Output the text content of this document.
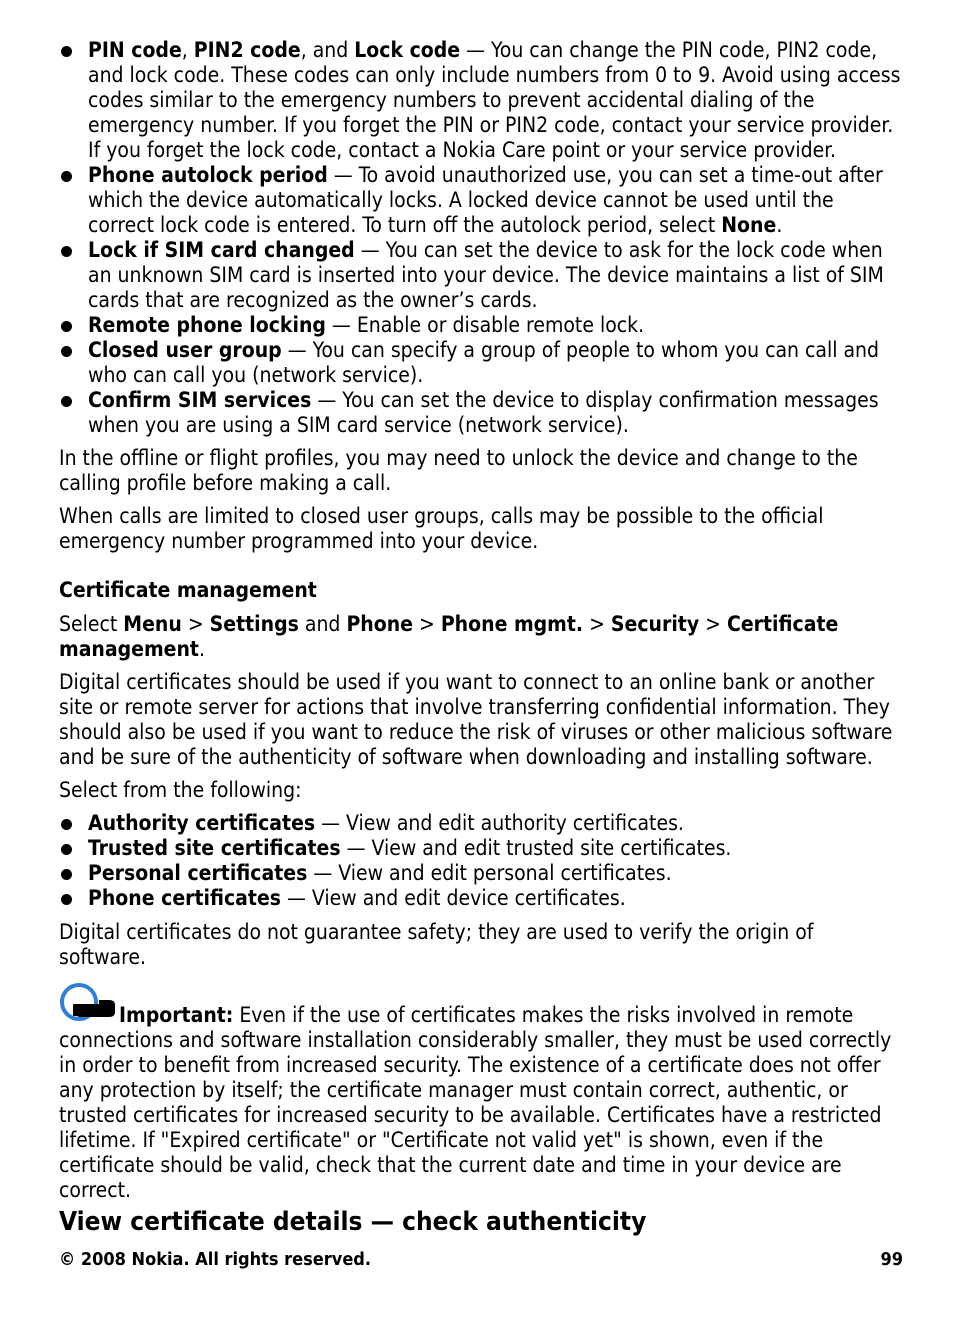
PIN code, PIN2 code, and Lock code — You can change the PIN code, PIN2 code, and lock code. These codes can only include numbers from 0 to 9. Avoid using access codes similar to the emergency numbers to prevent accidental dialing of the emergency number. If you forget the PIN or PIN2 code, contact your service provider. If you forget the lock code, contact a Nokia Care point or your service provider.
Phone autolock period — To avoid unauthorized use, you can set a time-out after which the device automatically locks. A locked device cannot be used until the correct lock code is entered. To turn off the autolock period, select None.
Lock if SIM card changed — You can set the device to ask for the lock code when an unknown SIM card is inserted into your device. The device maintains a list of SIM cards that are recognized as the owner’s cards.
Remote phone locking — Enable or disable remote lock.
Closed user group — You can specify a group of people to whom you can call and who can call you (network service).
Confirm SIM services — You can set the device to display confirmation messages when you are using a SIM card service (network service).

In the offline or flight profiles, you may need to unlock the device and change to the calling profile before making a call.

When calls are limited to closed user groups, calls may be possible to the official emergency number programmed into your device.

Certificate management

Select Menu > Settings and Phone > Phone mgmt. > Security > Certificate management.

Digital certificates should be used if you want to connect to an online bank or another site or remote server for actions that involve transferring confidential information. They should also be used if you want to reduce the risk of viruses or other malicious software and be sure of the authenticity of software when downloading and installing software.

Select from the following:

Authority certificates — View and edit authority certificates.
Trusted site certificates — View and edit trusted site certificates.
Personal certificates — View and edit personal certificates.
Phone certificates — View and edit device certificates.

Digital certificates do not guarantee safety; they are used to verify the origin of software.

Important: Even if the use of certificates makes the risks involved in remote connections and software installation considerably smaller, they must be used correctly in order to benefit from increased security. The existence of a certificate does not offer any protection by itself; the certificate manager must contain correct, authentic, or trusted certificates for increased security to be available. Certificates have a restricted lifetime. If "Expired certificate" or "Certificate not valid yet" is shown, even if the certificate should be valid, check that the current date and time in your device are correct.

View certificate details — check authenticity

© 2008 Nokia. All rights reserved.	99
